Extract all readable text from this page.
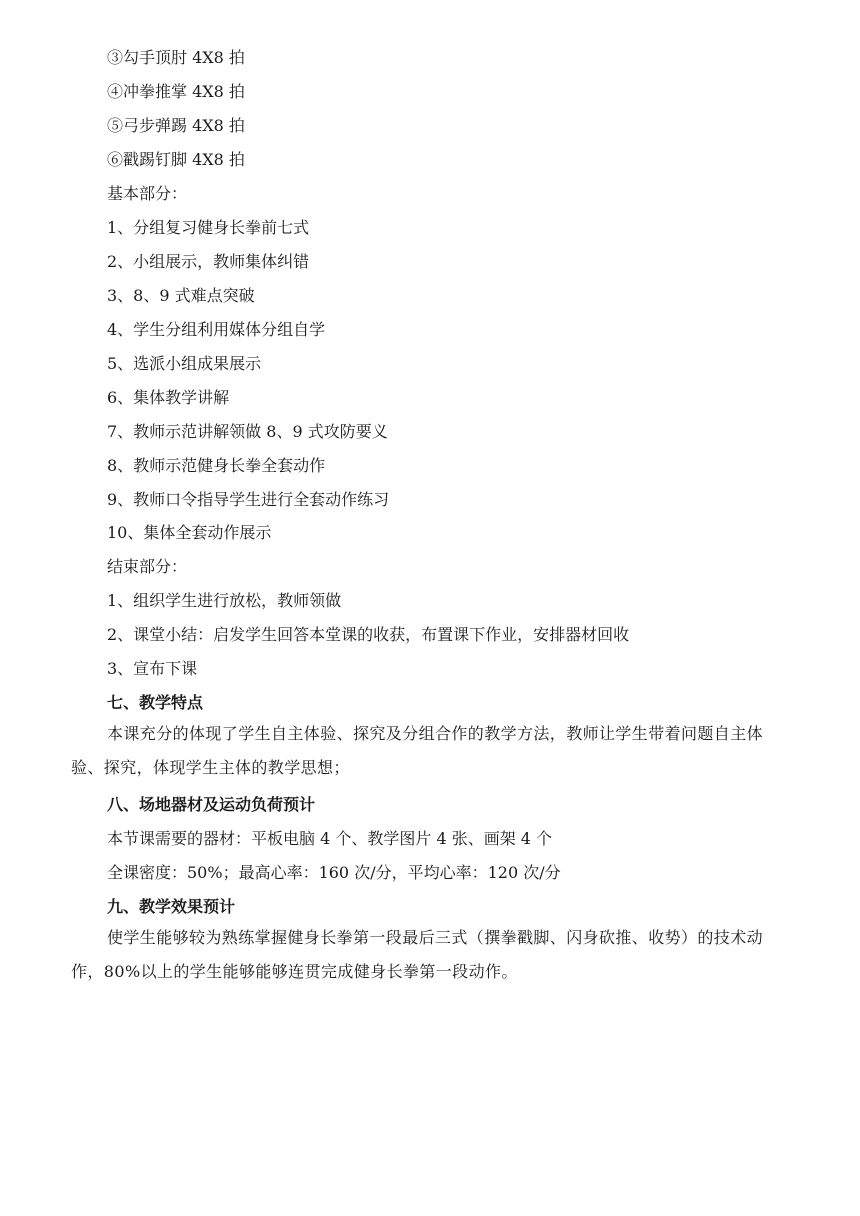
③勾手顶肘 4X8 拍
④冲拳推掌 4X8 拍
⑤弓步弹踢 4X8 拍
⑥戳踢钉脚 4X8 拍
基本部分：
1、分组复习健身长拳前七式
2、小组展示，教师集体纠错
3、8、9 式难点突破
4、学生分组利用媒体分组自学
5、选派小组成果展示
6、集体教学讲解
7、教师示范讲解领做 8、9 式攻防要义
8、教师示范健身长拳全套动作
9、教师口令指导学生进行全套动作练习
10、集体全套动作展示
结束部分：
1、组织学生进行放松，教师领做
2、课堂小结：启发学生回答本堂课的收获，布置课下作业，安排器材回收
3、宣布下课
七、教学特点
本课充分的体现了学生自主体验、探究及分组合作的教学方法，教师让学生带着问题自主体验、探究，体现学生主体的教学思想；
八、场地器材及运动负荷预计
本节课需要的器材：平板电脑 4 个、教学图片 4 张、画架 4 个
全课密度：50%；最高心率：160 次/分，平均心率：120 次/分
九、教学效果预计
使学生能够较为熟练掌握健身长拳第一段最后三式（撰拳戳脚、闪身砍推、收势）的技术动作，80%以上的学生能够能够连贯完成健身长拳第一段动作。
